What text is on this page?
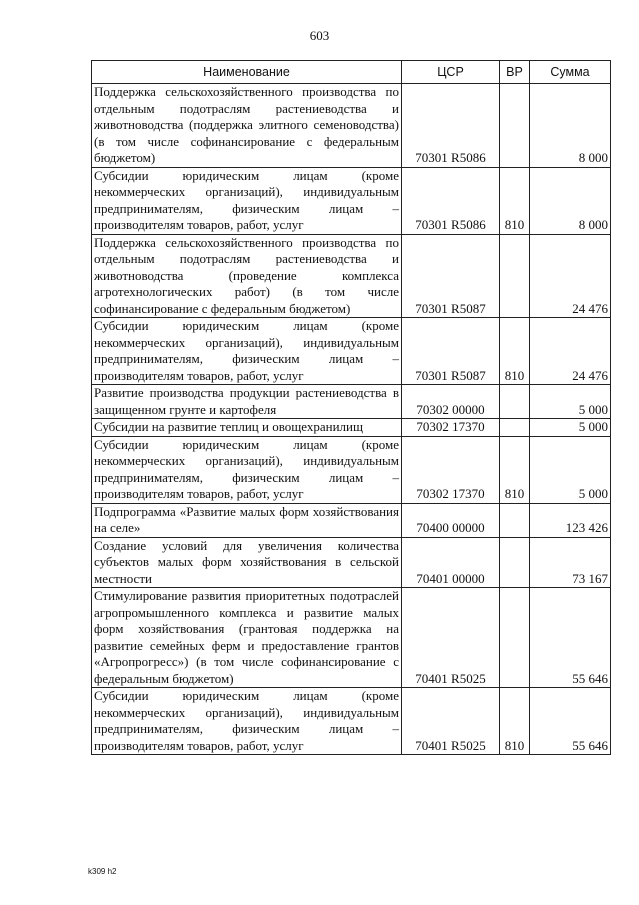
603
Наименование	ЦСР	ВР	Сумма
Поддержка сельскохозяйственного производства по отдельным подотраслям растениеводства и животноводства (поддержка элитного семеноводства) (в том числе софинансирование с федеральным бюджетом)	70301 R5086		8 000
Субсидии юридическим лицам (кроме некоммерческих организаций), индивидуальным предпринимателям, физическим лицам – производителям товаров, работ, услуг	70301 R5086	810	8 000
Поддержка сельскохозяйственного производства по отдельным подотраслям растениеводства и животноводства (проведение комплекса агротехнологических работ) (в том числе софинансирование с федеральным бюджетом)	70301 R5087		24 476
Субсидии юридическим лицам (кроме некоммерческих организаций), индивидуальным предпринимателям, физическим лицам – производителям товаров, работ, услуг	70301 R5087	810	24 476
Развитие производства продукции растениеводства в защищенном грунте и картофеля	70302 00000		5 000
Субсидии на развитие теплиц и овощехранилищ	70302 17370		5 000
Субсидии юридическим лицам (кроме некоммерческих организаций), индивидуальным предпринимателям, физическим лицам – производителям товаров, работ, услуг	70302 17370	810	5 000
Подпрограмма «Развитие малых форм хозяйствования на селе»	70400 00000		123 426
Создание условий для увеличения количества субъектов малых форм хозяйствования в сельской местности	70401 00000		73 167
Стимулирование развития приоритетных подотраслей агропромышленного комплекса и развитие малых форм хозяйствования (грантовая поддержка на развитие семейных ферм и предоставление грантов «Агропрогресс») (в том числе софинансирование с федеральным бюджетом)	70401 R5025		55 646
Субсидии юридическим лицам (кроме некоммерческих организаций), индивидуальным предпринимателям, физическим лицам – производителям товаров, работ, услуг	70401 R5025	810	55 646
k309 h2
